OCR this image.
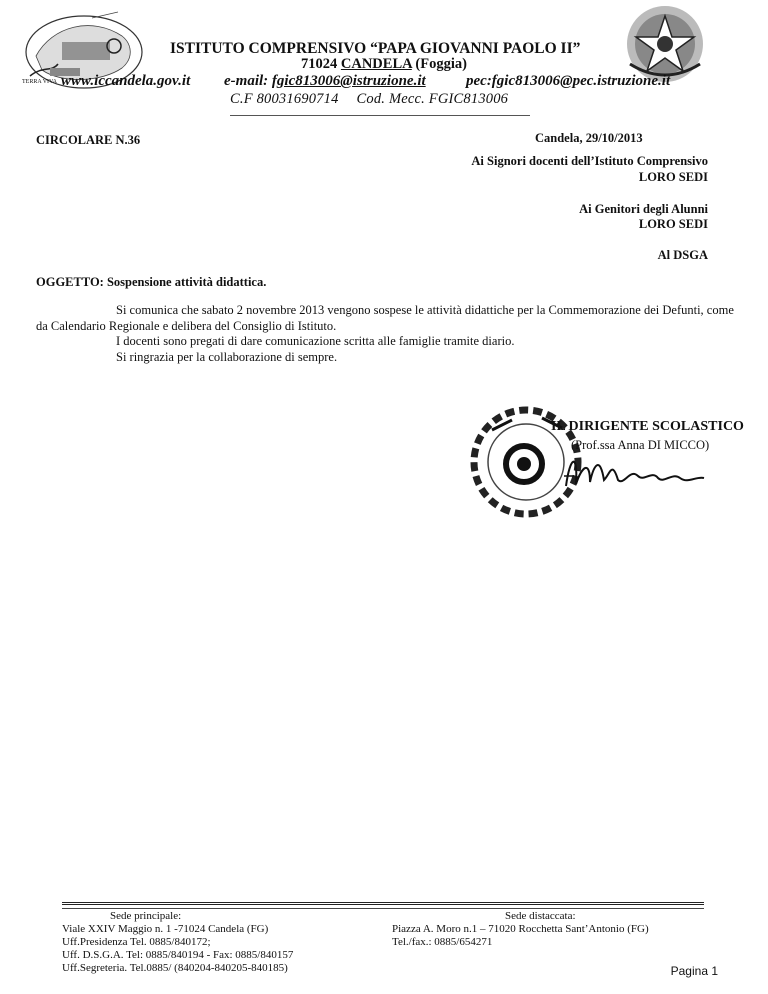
ISTITUTO COMPRENSIVO “PAPA GIOVANNI PAOLO II”
71024 CANDELA (Foggia)
TERRA VIVA www.iccandela.gov.it e-mail: fgic813006@istruzione.it	pec:fgic813006@pec.istruzione.it
C.F 80031690714 Cod. Mecc. FGIC813006
CIRCOLARE N.36	Candela, 29/10/2013
Ai Signori docenti dell’Istituto Comprensivo
LORO SEDI
Ai Genitori degli Alunni
LORO SEDI
Al DSGA
OGGETTO: Sospensione attività didattica.
Si comunica che sabato 2 novembre 2013 vengono sospese le attività didattiche per la Commemorazione dei Defunti, come da Calendario Regionale e delibera del Consiglio di Istituto.
I docenti sono pregati di dare comunicazione scritta alle famiglie tramite diario.
Si ringrazia per la collaborazione di sempre.
IL DIRIGENTE SCOLASTICO
(Prof.ssa Anna DI MICCO)
Sede principale:
Viale XXIV Maggio n. 1 -71024 Candela (FG)
Uff.Presidenza Tel. 0885/840172;
Uff. D.S.G.A. Tel: 0885/840194 - Fax: 0885/840157
Uff.Segreteria. Tel.0885/ (840204-840205-840185)
Sede distaccata:
Piazza A. Moro n.1 – 71020 Rocchetta Sant’Antonio (FG)
Tel./fax.: 0885/654271
Pagina 1
